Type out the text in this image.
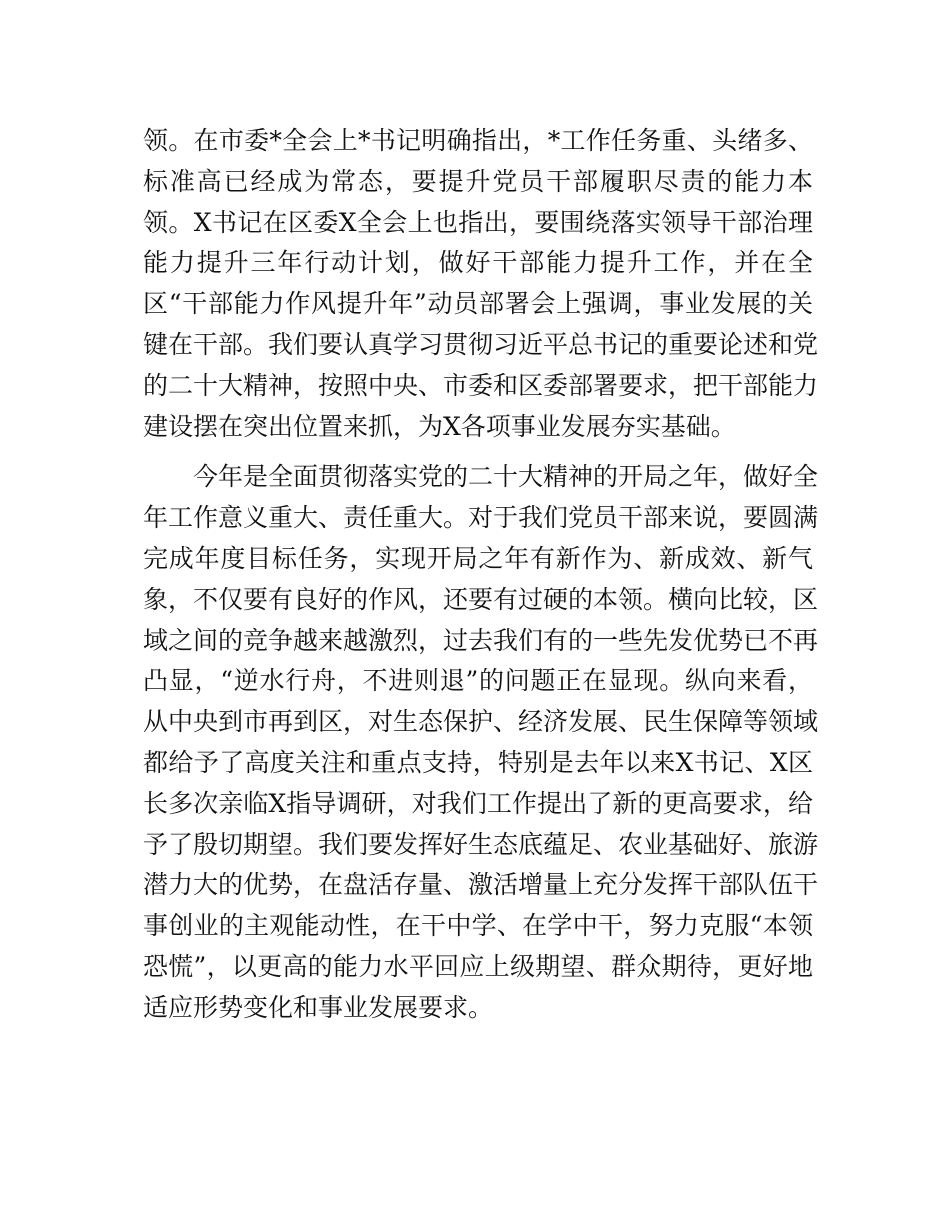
领。在市委*全会上*书记明确指出，*工作任务重、头绪多、
标准高已经成为常态，要提升党员干部履职尽责的能力本
领。X书记在区委X全会上也指出，要围绕落实领导干部治理
能力提升三年行动计划，做好干部能力提升工作，并在全
区“干部能力作风提升年”动员部署会上强调，事业发展的关
键在干部。我们要认真学习贯彻习近平总书记的重要论述和党
的二十大精神，按照中央、市委和区委部署要求，把干部能力
建设摆在突出位置来抓，为X各项事业发展夯实基础。
　　今年是全面贯彻落实党的二十大精神的开局之年，做好全
年工作意义重大、责任重大。对于我们党员干部来说，要圆满
完成年度目标任务，实现开局之年有新作为、新成效、新气
象，不仅要有良好的作风，还要有过硬的本领。横向比较，区
域之间的竞争越来越激烈，过去我们有的一些先发优势已不再
凸显，“逆水行舟，不进则退”的问题正在显现。纵向来看，
从中央到市再到区，对生态保护、经济发展、民生保障等领域
都给予了高度关注和重点支持，特别是去年以来X书记、X区
长多次亲临X指导调研，对我们工作提出了新的更高要求，给
予了殷切期望。我们要发挥好生态底蕴足、农业基础好、旅游
潜力大的优势，在盘活存量、激活增量上充分发挥干部队伍干
事创业的主观能动性，在干中学、在学中干，努力克服“本领
恐慌”，以更高的能力水平回应上级期望、群众期待，更好地
适应形势变化和事业发展要求。
